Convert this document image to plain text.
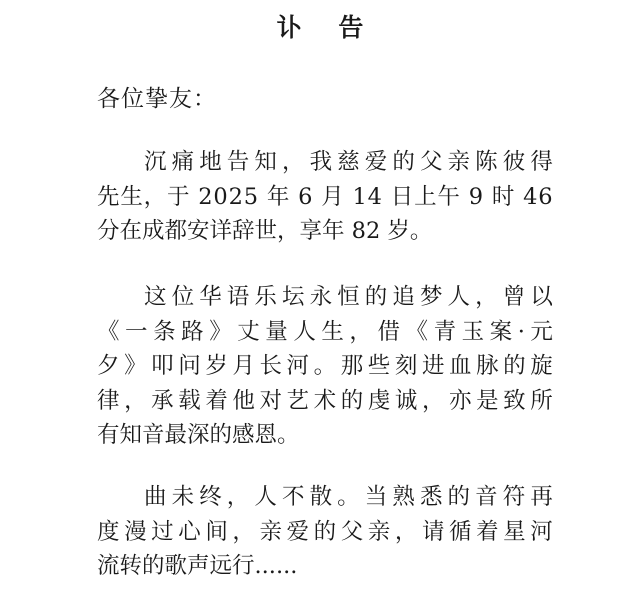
讣 告
各位挚友：
沉 痛 地 告 知 ， 我 慈 爱 的 父 亲 陈 彼 得
先 生 ， 于
2 0 2 5
年
6
月
1 4
日 上 午
9
时
4 6
分在成都安详辞世，享年 82 岁。
这 位 华 语 乐 坛 永 恒 的 追 梦 人 ， 曾 以
《 一 条 路 》 丈 量 人 生 ， 借 《 青 玉 案 · 元
夕 》 叩 问 岁 月 长 河 。 那 些 刻 进 血 脉 的 旋
律 ， 承 载 着 他 对 艺 术 的 虔 诚 ， 亦 是 致 所
有知音最深的感恩。
曲 未 终 ， 人 不 散 。 当 熟 悉 的 音 符 再
度 漫 过 心 间 ， 亲 爱 的 父 亲 ， 请 循 着 星 河
流转的歌声远行......
